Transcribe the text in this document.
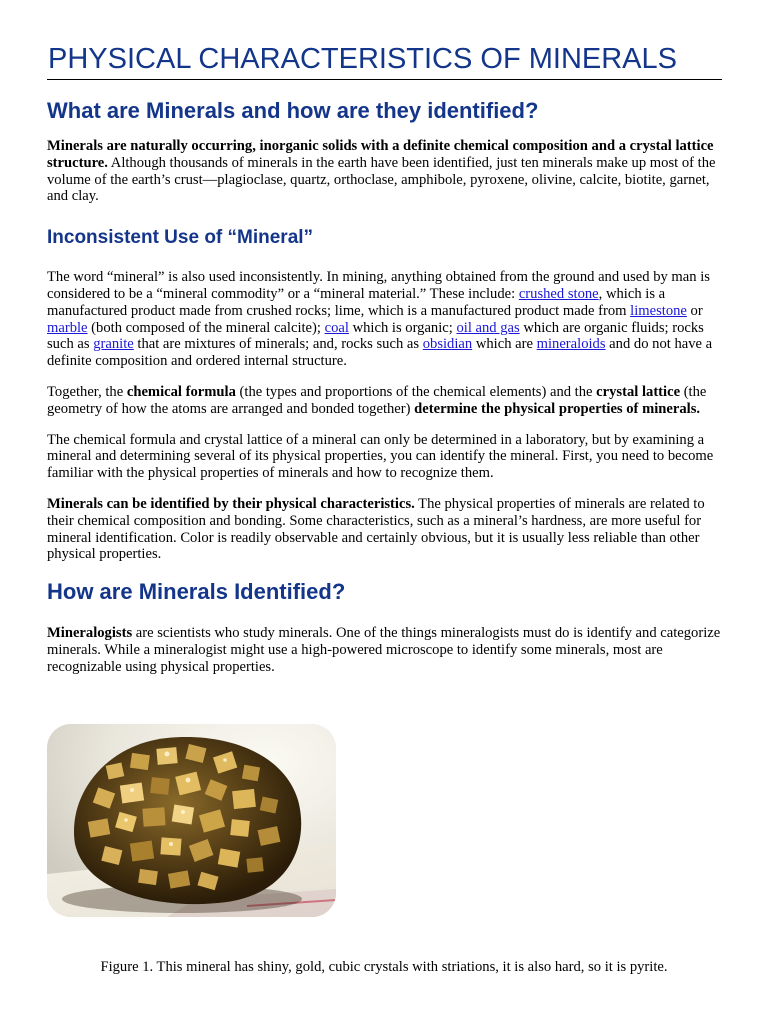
PHYSICAL CHARACTERISTICS OF MINERALS
What are Minerals and how are they identified?

Minerals are naturally occurring, inorganic solids with a definite chemical composition and a crystal lattice structure. Although thousands of minerals in the earth have been identified, just ten minerals make up most of the volume of the earth’s crust—plagioclase, quartz, orthoclase, amphibole, pyroxene, olivine, calcite, biotite, garnet, and clay.

Inconsistent Use of “Mineral”

The word “mineral” is also used inconsistently. In mining, anything obtained from the ground and used by man is considered to be a “mineral commodity” or a “mineral material.” These include: crushed stone, which is a manufactured product made from crushed rocks; lime, which is a manufactured product made from limestone or marble (both composed of the mineral calcite); coal which is organic; oil and gas which are organic fluids; rocks such as granite that are mixtures of minerals; and, rocks such as obsidian which are mineraloids and do not have a definite composition and ordered internal structure.

Together, the chemical formula (the types and proportions of the chemical elements) and the crystal lattice (the geometry of how the atoms are arranged and bonded together) determine the physical properties of minerals.

The chemical formula and crystal lattice of a mineral can only be determined in a laboratory, but by examining a mineral and determining several of its physical properties, you can identify the mineral. First, you need to become familiar with the physical properties of minerals and how to recognize them.

Minerals can be identified by their physical characteristics. The physical properties of minerals are related to their chemical composition and bonding. Some characteristics, such as a mineral’s hardness, are more useful for mineral identification. Color is readily observable and certainly obvious, but it is usually less reliable than other physical properties.

How are Minerals Identified?

Mineralogists are scientists who study minerals. One of the things mineralogists must do is identify and categorize minerals. While a mineralogist might use a high-powered microscope to identify some minerals, most are recognizable using physical properties.

Figure 1. This mineral has shiny, gold, cubic crystals with striations, it is also hard, so it is pyrite.
